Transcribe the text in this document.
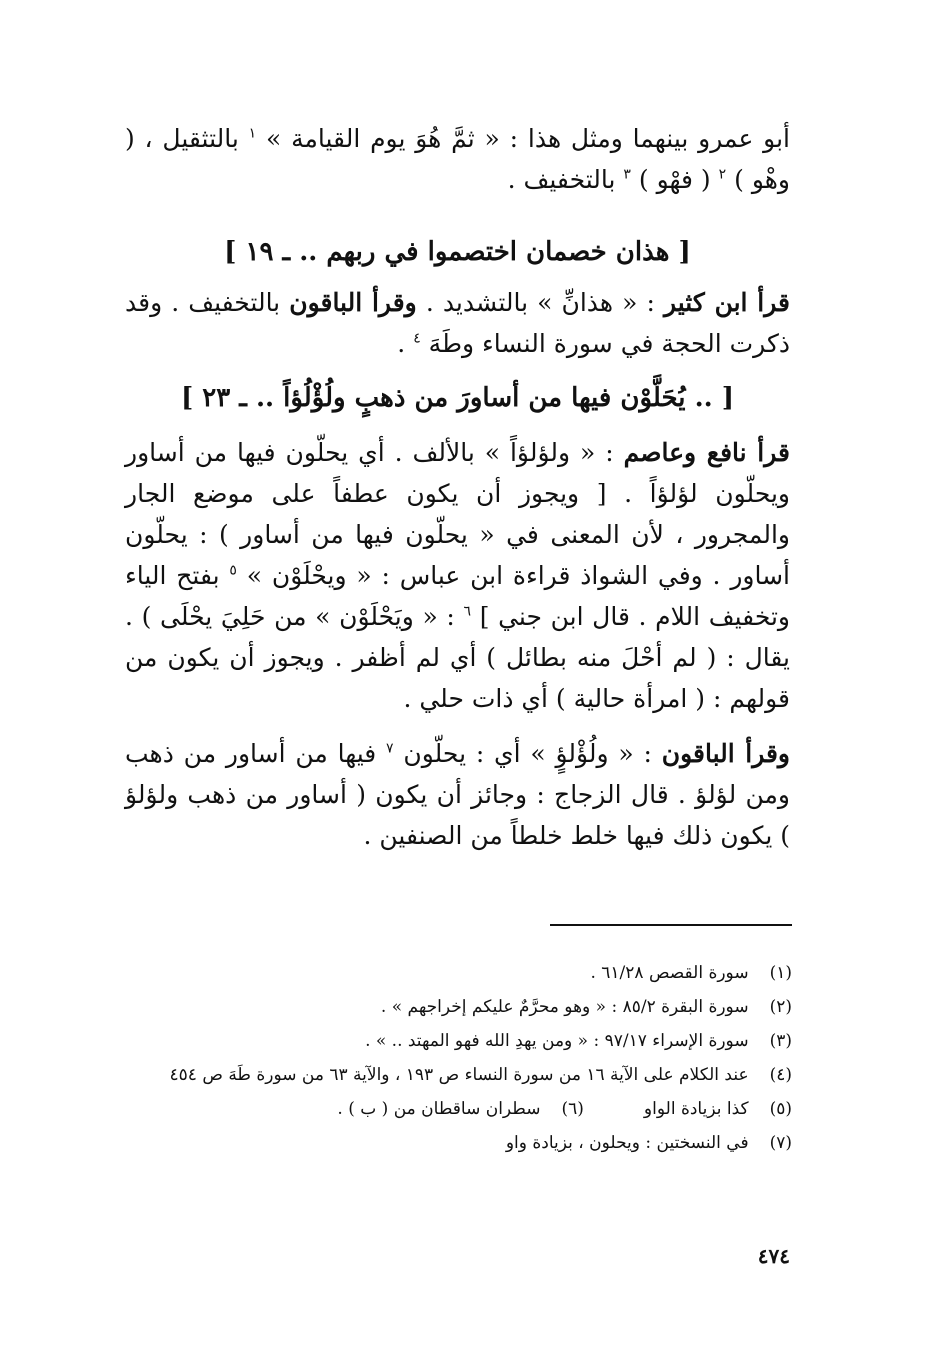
أبو عمرو بينهما ومثل هذا : « ثمَّ هُوَ يوم القيامة » $^١$ بالتثقيل ، ( وهْو ) $^٢$ ( فهْو ) $^٣$ بالتخفيف .

[ هذان خصمان اختصموا في ربهم .. ـ ١٩ ]

قرأ ابن كثير : « هذانِّ » بالتشديد . وقرأ الباقون بالتخفيف . وقد ذكرت الحجة في سورة النساء وطَهَ $^٤$ .

[ .. يُحَلَّوْن فيها من أساورَ من ذهبٍ ولُؤْلُؤاً .. ـ ٢٣ ]

قرأ نافع وعاصم : « ولؤلؤاً » بالألف . أي يحلّون فيها من أساور ويحلّون لؤلؤاً . [ ويجوز أن يكون عطفاً على موضع الجار والمجرور ، لأن المعنى في « يحلّون فيها من أساور ) : يحلّون أساور . وفي الشواذ قراءة ابن عباس : « ويحْلَوْن » $^٥$ بفتح الياء وتخفيف اللام . قال ابن جني ] $^٦$ : « ويَحْلَوْن » من حَلِيَ يحْلَى ) . يقال : ( لم أحْلَ منه بطائل ) أي لم أظفر . ويجوز أن يكون من قولهم : ( امرأة حالية ) أي ذات حلي .

وقرأ الباقون : « ولُؤْلؤٍ » أي : يحلّون $^٧$ فيها من أساور من ذهب ومن لؤلؤ . قال الزجاج : وجائز أن يكون ( أساور من ذهب ولؤلؤ ) يكون ذلك فيها خلط خلطاً من الصنفين .

(١) سورة القصص ٦١/٢٨ .

(٢) سورة البقرة ٨٥/٢ : « وهو محرَّمٌ عليكم إخراجهم » .

(٣) سورة الإسراء ٩٧/١٧ : « ومن يهدِ الله فهو المهتد .. » .

(٤) عند الكلام على الآية ١٦ من سورة النساء ص ١٩٣ ، والآية ٦٣ من سورة طَهَ ص ٤٥٤

(٥) كذا بزيادة الواو

(٦) سطران ساقطان من ( ب ) .

(٧) في النسختين : ويحلون ، بزيادة واو

٤٧٤
